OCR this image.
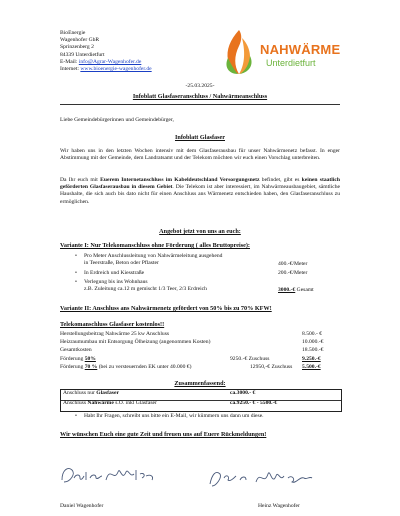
BioEnergie
Wagenhofer GbR
Sprinzenberg 2
84339 Unterdietfurt
E-Mail: info@Agrar-Wagenhofer.de
Internet: www.bioenergie-wagenhofer.de
NAHWÄRME
Unterdietfurt
-25.03.2025-
Infoblatt Glasfaseranschluss / Nahwärmeanschluss
Liebe Gemeindebürgerinnen und Gemeindebürger,
Infoblatt Glasfaser
Wir haben uns in den letzten Wochen intensiv mit dem Glasfaserausbau für unser Nahwärmenetz befasst. In enger Abstimmung mit der Gemeinde, dem Landratsamt und der Telekom möchten wir euch einen Vorschlag unterbreiten.
Da Ihr euch mit Euerem Internetanschluss im Kabeldeutschland Versorgungsnetz befindet, gibt es keinen staatlich geförderten Glasfaserausbau in diesem Gebiet. Die Telekom ist aber interessiert, im Nahwärmeausbaugebiet, sämtliche Haushalte, die sich auch bis dato nicht für einen Anschluss ans Wärmenetz entschieden haben, den Glasfaseranschluss zu ermöglichen.
Angebot jetzt von uns an euch:
Variante I: Nur Telekomanschluss ohne Förderung ( alles Bruttopreise):
• Pro Meter Anschlussleitung von Nahwärmeleitung ausgehend
in Teerstraße, Beton oder Pflaster	400.-€/Meter
• In Erdreich und Kiesstraße	200.-€/Meter
• Verlegung bis ins Wohnhaus
z.B. Zuleitung ca.12 m gemischt 1/3 Teer, 2/3 Erdreich	3000.-€ Gesamt
Variante II: Anschluss ans Nahwärmenetz gefördert von 50% bis zu 70% KFW!
Telekomanschluss Glasfaser kostenlos!!
Herstellungsbeitrag Nahwärme 25 kw Anschluss	8.500.- €
Heizraumumbau mit Entsorgung Ölheizung (angenommen Kosten)	10.000.-€
Gesamtkosten	18.500.-€
Förderung 50%	9250.-€ Zuschuss	9.250.-€
Förderung 70 % (bei zu versteuernden EK unter 40.000 €)	12950,-€ Zuschuss 5.500.-€
Zusammenfassend:
Anschluss nur Glasfaser	ca.3000.- €
Anschluss Nahwärme s.O. inkl Glasfaser	ca.9250.- € - 5500.-€
• Habt Ihr Fragen, schreibt uns bitte ein E-Mail, wir kümmern uns dann um diese.
Wir wünschen Euch eine gute Zeit und freuen uns auf Euere Rückmeldungen!
Daniel Wagenhofer	Heinz Wagenhofer
